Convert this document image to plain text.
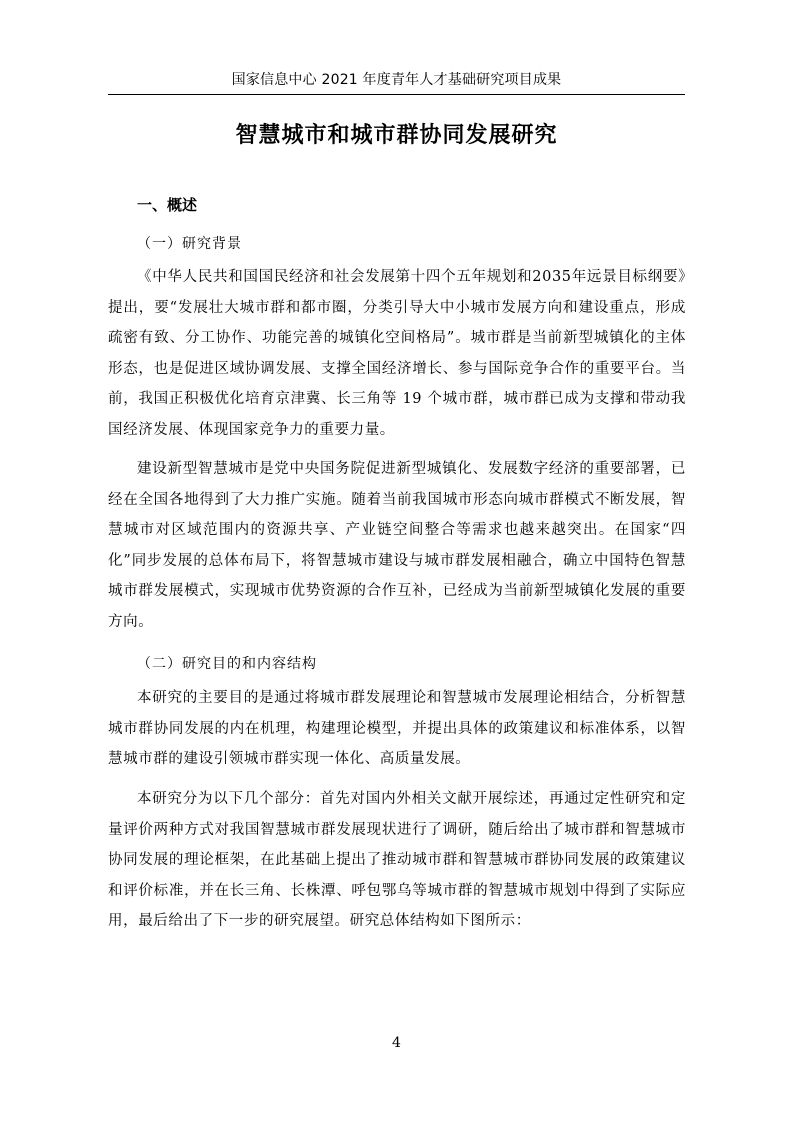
国家信息中心 2021 年度青年人才基础研究项目成果
智慧城市和城市群协同发展研究
一、概述
（一）研究背景

《中华人民共和国国民经济和社会发展第十四个五年规划和2035年远景目标纲要》提出，要“发展壮大城市群和都市圈，分类引导大中小城市发展方向和建设重点，形成疏密有致、分工协作、功能完善的城镇化空间格局”。城市群是当前新型城镇化的主体形态，也是促进区域协调发展、支撑全国经济增长、参与国际竞争合作的重要平台。当前，我国正积极优化培育京津冀、长三角等 19 个城市群，城市群已成为支撑和带动我国经济发展、体现国家竞争力的重要力量。

建设新型智慧城市是党中央国务院促进新型城镇化、发展数字经济的重要部署，已经在全国各地得到了大力推广实施。随着当前我国城市形态向城市群模式不断发展，智慧城市对区域范围内的资源共享、产业链空间整合等需求也越来越突出。在国家“四化”同步发展的总体布局下，将智慧城市建设与城市群发展相融合，确立中国特色智慧城市群发展模式，实现城市优势资源的合作互补，已经成为当前新型城镇化发展的重要方向。

（二）研究目的和内容结构

本研究的主要目的是通过将城市群发展理论和智慧城市发展理论相结合，分析智慧城市群协同发展的内在机理，构建理论模型，并提出具体的政策建议和标准体系，以智慧城市群的建设引领城市群实现一体化、高质量发展。

本研究分为以下几个部分：首先对国内外相关文献开展综述，再通过定性研究和定量评价两种方式对我国智慧城市群发展现状进行了调研，随后给出了城市群和智慧城市协同发展的理论框架，在此基础上提出了推动城市群和智慧城市群协同发展的政策建议和评价标准，并在长三角、长株潭、呼包鄂乌等城市群的智慧城市规划中得到了实际应用，最后给出了下一步的研究展望。研究总体结构如下图所示：

4
